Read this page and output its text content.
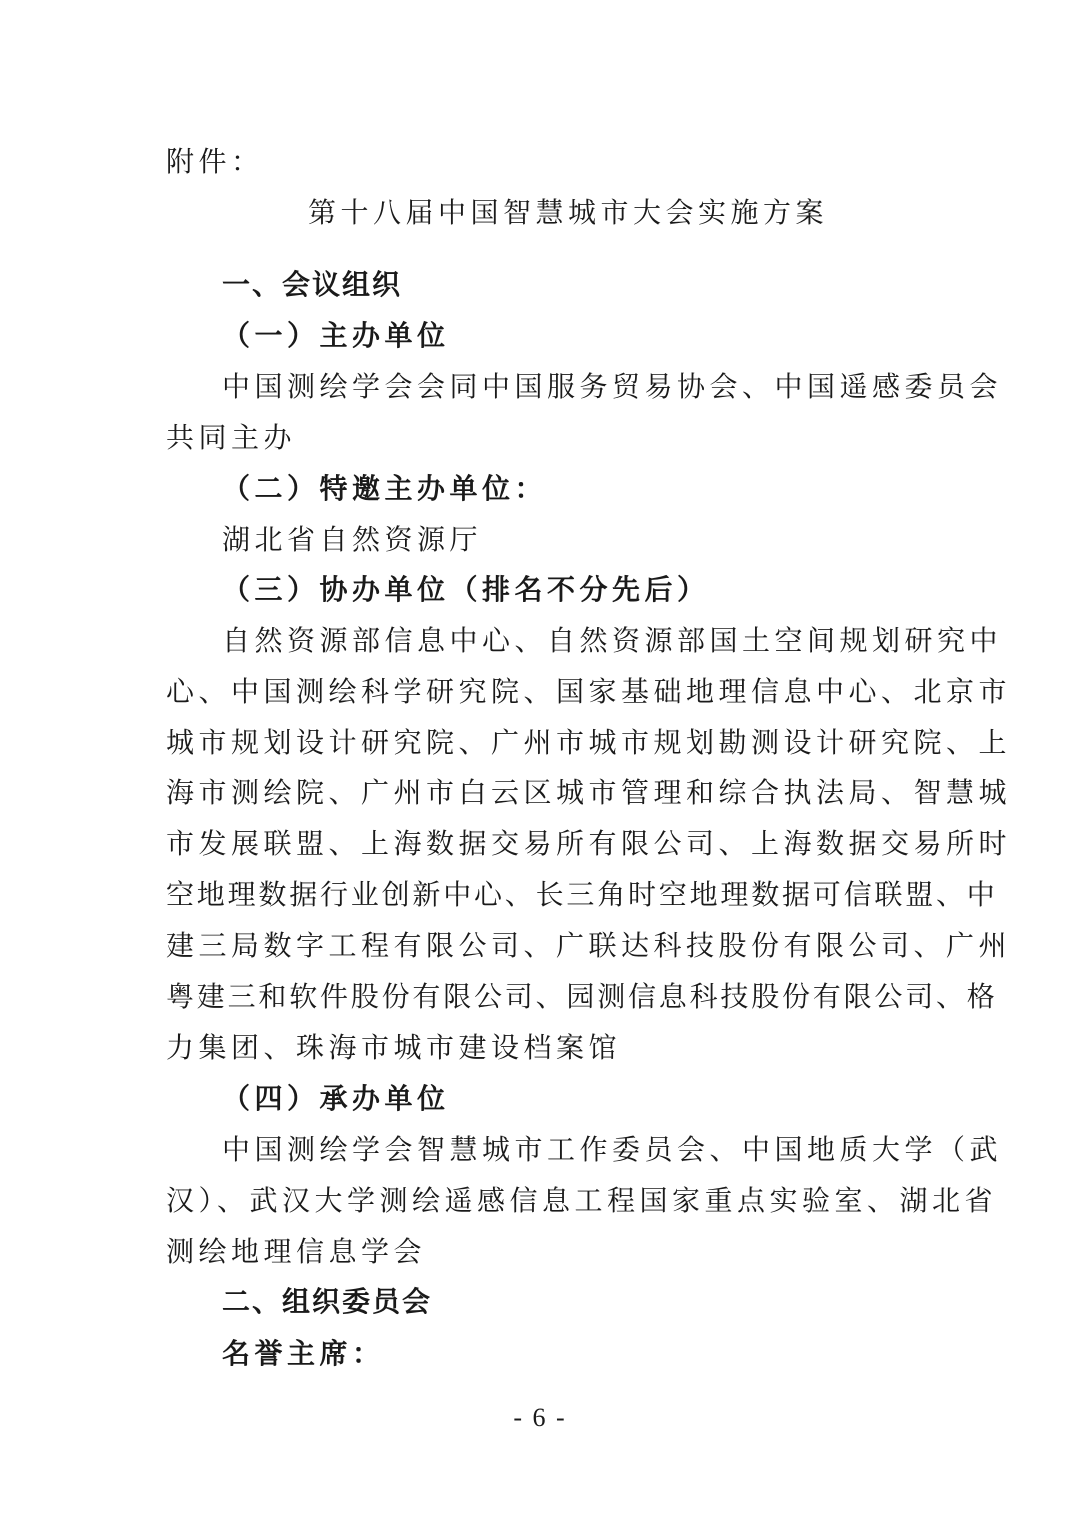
附件：

第十八届中国智慧城市大会实施方案

一、会议组织

（一）主办单位

中国测绘学会会同中国服务贸易协会、中国遥感委员会

共同主办

（二）特邀主办单位：

湖北省自然资源厅

（三）协办单位（排名不分先后）

自然资源部信息中心、自然资源部国土空间规划研究中

心、中国测绘科学研究院、国家基础地理信息中心、北京市

城市规划设计研究院、广州市城市规划勘测设计研究院、上

海市测绘院、广州市白云区城市管理和综合执法局、智慧城

市发展联盟、上海数据交易所有限公司、上海数据交易所时

空地理数据行业创新中心、长三角时空地理数据可信联盟、中

建三局数字工程有限公司、广联达科技股份有限公司、广州

粤建三和软件股份有限公司、园测信息科技股份有限公司、格

力集团、珠海市城市建设档案馆

（四）承办单位

中国测绘学会智慧城市工作委员会、中国地质大学（武

汉）、武汉大学测绘遥感信息工程国家重点实验室、湖北省

测绘地理信息学会

二、组织委员会

名誉主席：

- 6 -
